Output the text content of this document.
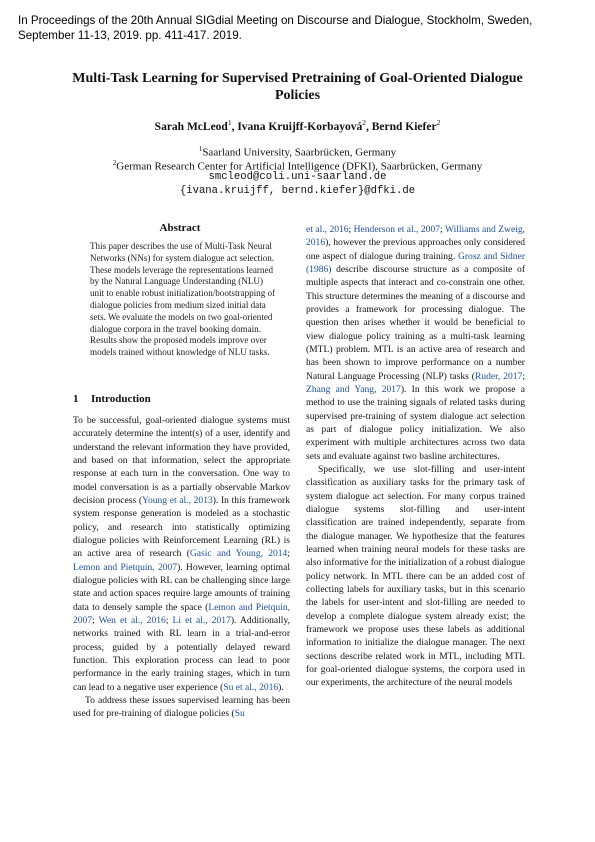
In Proceedings of the 20th Annual SIGdial Meeting on Discourse and Dialogue, Stockholm, Sweden, September 11-13, 2019. pp. 411-417. 2019.
Multi-Task Learning for Supervised Pretraining of Goal-Oriented Dialogue Policies
Sarah McLeod$^1$, Ivana Kruijff-Korbayová$^2$, Bernd Kiefer$^2$
$^1$Saarland University, Saarbrücken, Germany
$^2$German Research Center for Artificial Intelligence (DFKI), Saarbrücken, Germany
smcleod@coli.uni-saarland.de
{ivana.kruijff, bernd.kiefer}@dfki.de
Abstract
This paper describes the use of Multi-Task Neural Networks (NNs) for system dialogue act selection. These models leverage the representations learned by the Natural Language Understanding (NLU) unit to enable robust initialization/bootstrapping of dialogue policies from medium sized initial data sets. We evaluate the models on two goal-oriented dialogue corpora in the travel booking domain. Results show the proposed models improve over models trained without knowledge of NLU tasks.
1 Introduction

To be successful, goal-oriented dialogue systems must accurately determine the intent(s) of a user, identify and understand the relevant information they have provided, and based on that information, select the appropriate response at each turn in the conversation. One way to model conversation is as a partially observable Markov decision process (Young et al., 2013). In this framework system response generation is modeled as a stochastic policy, and research into statistically optimizing dialogue policies with Reinforcement Learning (RL) is an active area of research (Gasic and Young, 2014; Lemon and Pietquin, 2007). However, learning optimal dialogue policies with RL can be challenging since large state and action spaces require large amounts of training data to densely sample the space (Lemon and Pietquin, 2007; Wen et al., 2016; Li et al., 2017). Additionally, networks trained with RL learn in a trial-and-error process, guided by a potentially delayed reward function. This exploration process can lead to poor performance in the early training stages, which in turn can lead to a negative user experience (Su et al., 2016).

To address these issues supervised learning has been used for pre-training of dialogue policies (Su

et al., 2016; Henderson et al., 2007; Williams and Zweig, 2016), however the previous approaches only considered one aspect of dialogue during training. Grosz and Sidner (1986) describe discourse structure as a composite of multiple aspects that interact and co-constrain one other. This structure determines the meaning of a discourse and provides a framework for processing dialogue. The question then arises whether it would be beneficial to view dialogue policy training as a multi-task learning (MTL) problem. MTL is an active area of research and has been shown to improve performance on a number Natural Language Processing (NLP) tasks (Ruder, 2017; Zhang and Yang, 2017). In this work we propose a method to use the training signals of related tasks during supervised pre-training of system dialogue act selection as part of dialogue policy initialization. We also experiment with multiple architectures across two data sets and evaluate against two basline architectures.

Specifically, we use slot-filling and user-intent classification as auxiliary tasks for the primary task of system dialogue act selection. For many corpus trained dialogue systems slot-filling and user-intent classification are trained independently, separate from the dialogue manager. We hypothesize that the features learned when training neural models for these tasks are also informative for the initialization of a robust dialogue policy network. In MTL there can be an added cost of collecting labels for auxiliary tasks, but in this scenario the labels for user-intent and slot-filling are needed to develop a complete dialogue system already exist; the framework we propose uses these labels as additional information to initialize the dialogue manager. The next sections describe related work in MTL, including MTL for goal-oriented dialogue systems, the corpora used in our experiments, the architecture of the neural models
